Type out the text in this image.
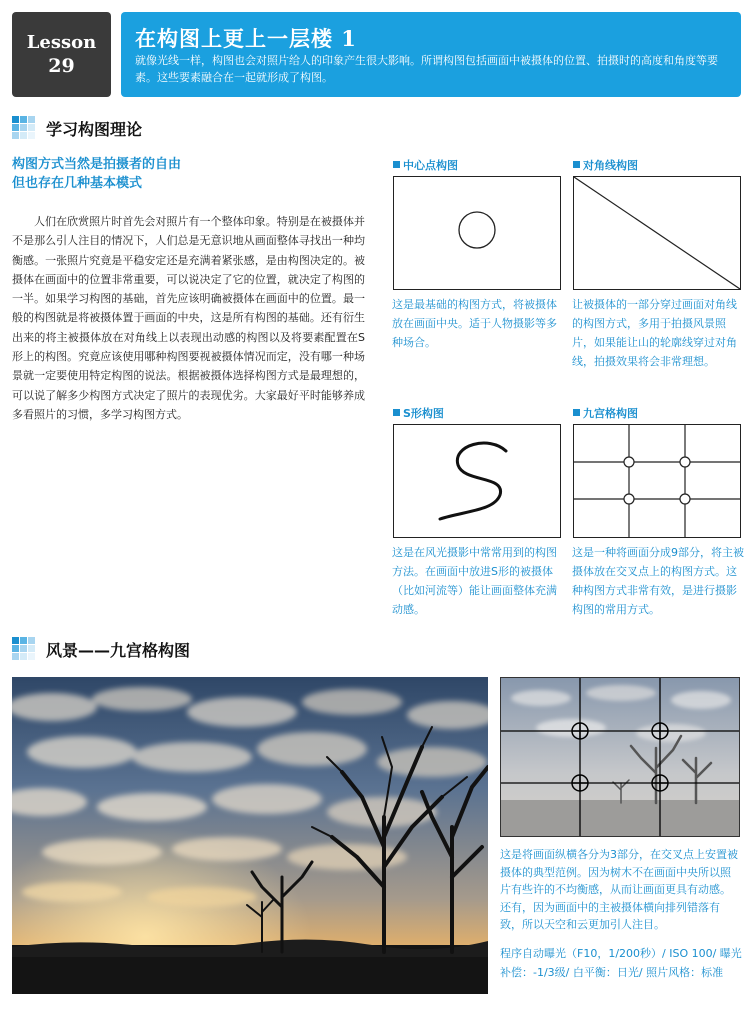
Lesson
29
在构图上更上一层楼 1
就像光线一样，构图也会对照片给人的印象产生很大影响。所谓构图包括画面中被摄体的位置、拍摄时的高度和角度等要素。这些要素融合在一起就形成了构图。
学习构图理论
构图方式当然是拍摄者的自由
但也存在几种基本模式
人们在欣赏照片时首先会对照片有一个整体印象。特别是在被摄体并不是那么引人注目的情况下，人们总是无意识地从画面整体寻找出一种均衡感。一张照片究竟是平稳安定还是充满着紧张感，是由构图决定的。被摄体在画面中的位置非常重要，可以说决定了它的位置，就决定了构图的一半。如果学习构图的基础，首先应该明确被摄体在画面中的位置。最一般的构图就是将被摄体置于画面的中央，这是所有构图的基础。还有衍生出来的将主被摄体放在对角线上以表现出动感的构图以及将要素配置在S形上的构图。究竟应该使用哪种构图要视被摄体情况而定，没有哪一种场景就一定要使用特定构图的说法。根据被摄体选择构图方式是最理想的，可以说了解多少构图方式决定了照片的表现优劣。大家最好平时能够养成多看照片的习惯，多学习构图方式。
中心点构图
这是最基础的构图方式，将被摄体放在画面中央。适于人物摄影等多种场合。
对角线构图
让被摄体的一部分穿过画面对角线的构图方式，多用于拍摄风景照片，如果能让山的轮廓线穿过对角线，拍摄效果将会非常理想。
S形构图
这是在风光摄影中常常用到的构图方法。在画面中放进S形的被摄体（比如河流等）能让画面整体充满动感。
九宫格构图
这是一种将画面分成9部分，将主被摄体放在交叉点上的构图方式。这种构图方式非常有效，是进行摄影构图的常用方式。
风景——九宫格构图
这是将画面纵横各分为3部分，在交叉点上安置被摄体的典型范例。因为树木不在画面中央所以照片有些许的不均衡感，从而让画面更具有动感。还有，因为画面中的主被摄体横向排列错落有致，所以天空和云更加引人注目。
程序自动曝光（F10，1/200秒）/ ISO 100/ 曝光补偿：-1/3级/ 白平衡：日光/ 照片风格：标准
